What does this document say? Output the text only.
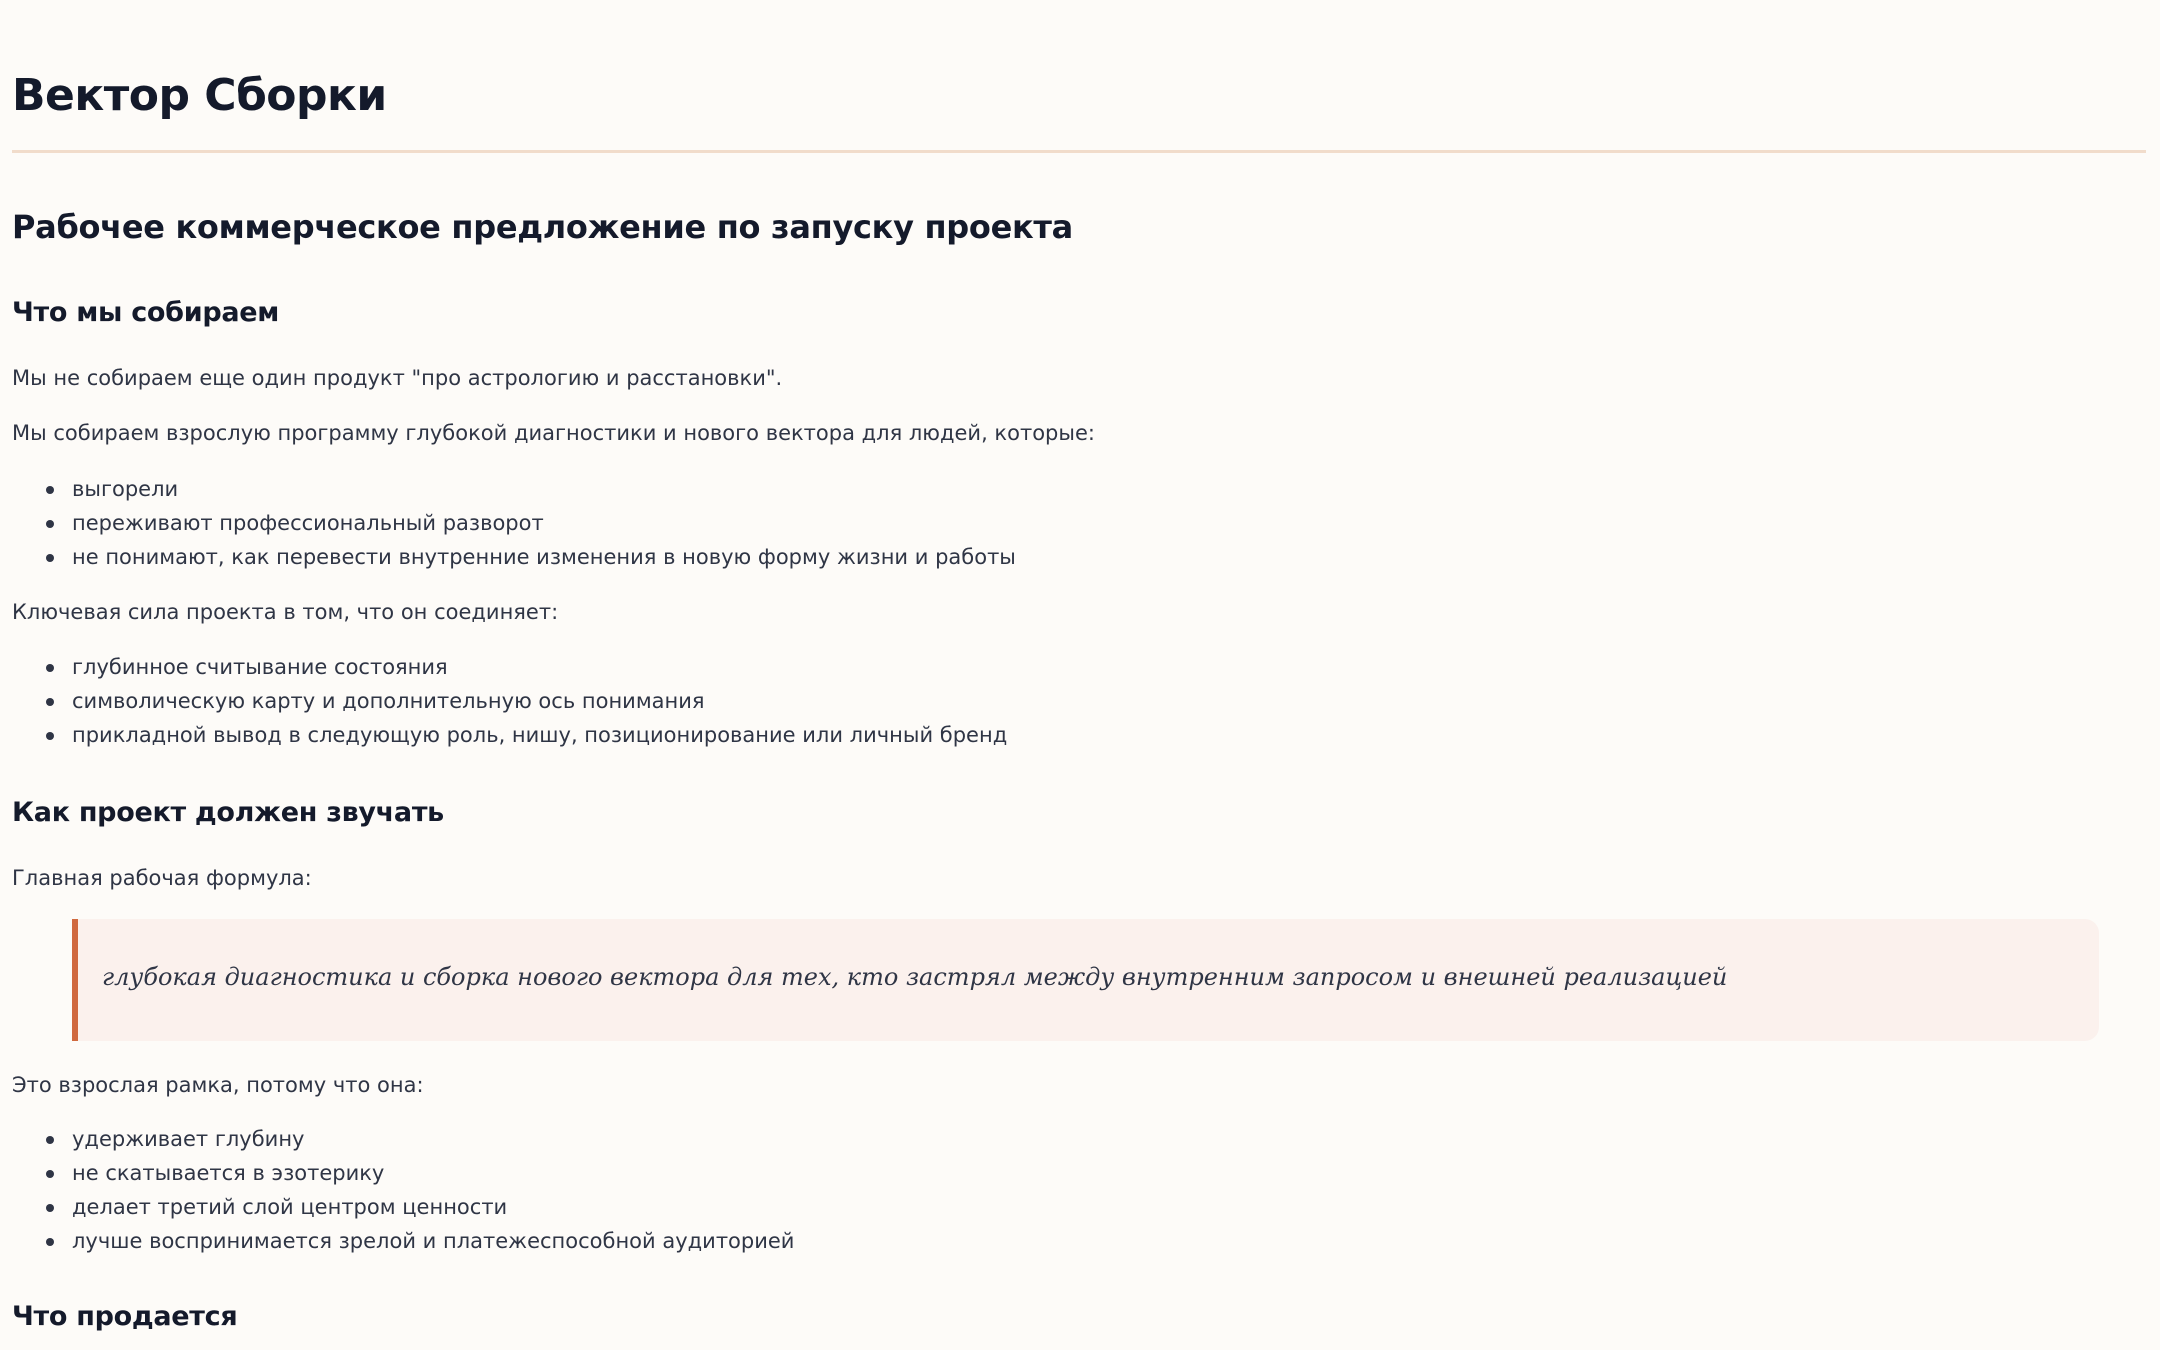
Вектор Сборки
Рабочее коммерческое предложение по запуску проекта
Что мы собираем

Мы не собираем еще один продукт "про астрологию и расстановки".

Мы собираем взрослую программу глубокой диагностики и нового вектора для людей, которые:

выгорели
переживают профессиональный разворот
не понимают, как перевести внутренние изменения в новую форму жизни и работы

Ключевая сила проекта в том, что он соединяет:

глубинное считывание состояния
символическую карту и дополнительную ось понимания
прикладной вывод в следующую роль, нишу, позиционирование или личный бренд
Как проект должен звучать

Главная рабочая формула:

глубокая диагностика и сборка нового вектора для тех, кто застрял между внутренним запросом и внешней реализацией

Это взрослая рамка, потому что она:

удерживает глубину
не скатывается в эзотерику
делает третий слой центром ценности
лучше воспринимается зрелой и платежеспособной аудиторией
Что продается
